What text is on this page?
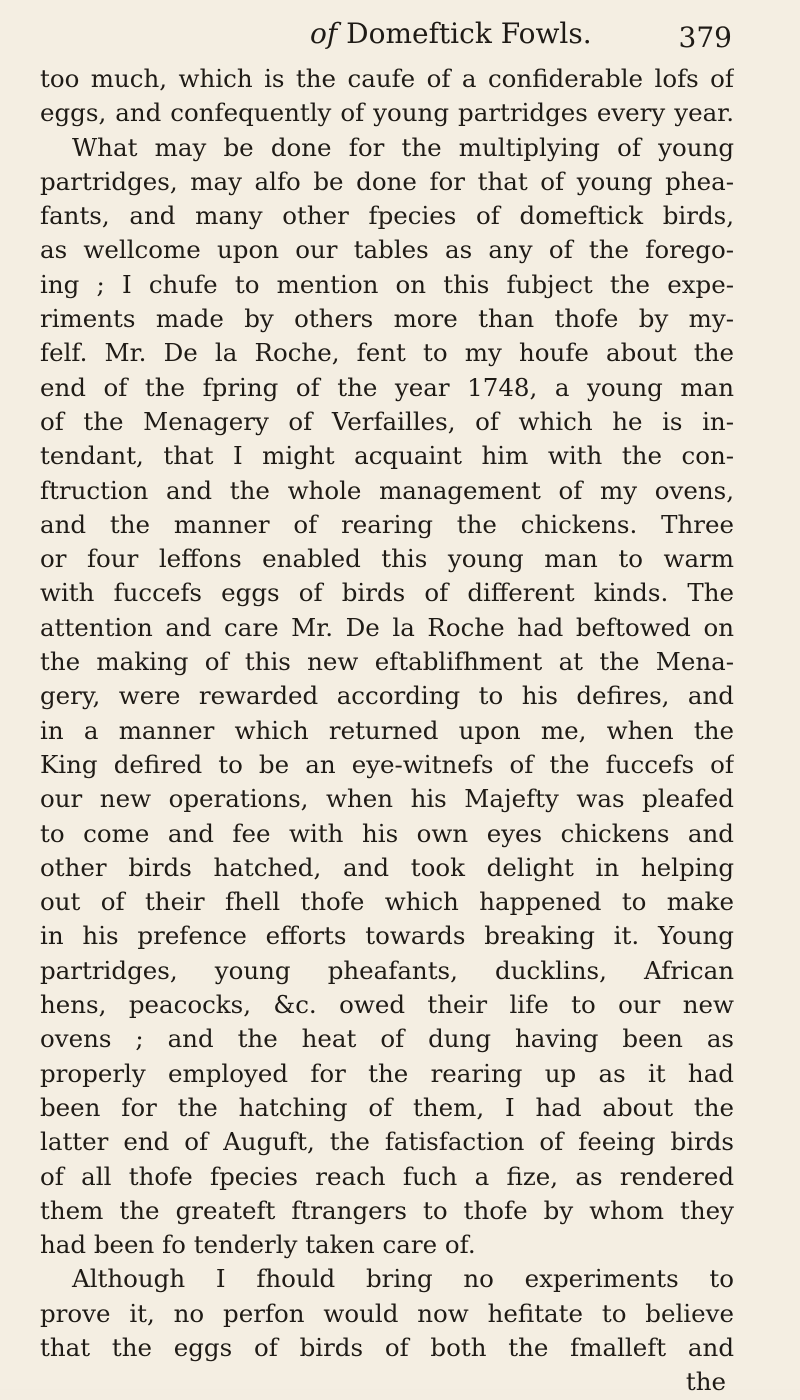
of Domeftick Fowls.	379
too much, which is the caufe of a confiderable lofs of
eggs, and confequently of young partridges every year.
What may be done for the multiplying of young
partridges, may alfo be done for that of young phea-
fants, and many other fpecies of domeftick birds,
as wellcome upon our tables as any of the forego-
ing ; I chufe to mention on this fubject the expe-
riments made by others more than thofe by my-
felf. Mr. De la Roche, fent to my houfe about the
end of the fpring of the year 1748, a young man
of the Menagery of Verfailles, of which he is in-
tendant, that I might acquaint him with the con-
ftruction and the whole management of my ovens,
and the manner of rearing the chickens. Three
or four leffons enabled this young man to warm
with fuccefs eggs of birds of different kinds. The
attention and care Mr. De la Roche had beftowed on
the making of this new eftablifhment at the Mena-
gery, were rewarded according to his defires, and
in a manner which returned upon me, when the
King defired to be an eye-witnefs of the fuccefs of
our new operations, when his Majefty was pleafed
to come and fee with his own eyes chickens and
other birds hatched, and took delight in helping
out of their fhell thofe which happened to make
in his prefence efforts towards breaking it. Young
partridges, young pheafants, ducklins, African
hens, peacocks, &c. owed their life to our new
ovens ; and the heat of dung having been as
properly employed for the rearing up as it had
been for the hatching of them, I had about the
latter end of Auguft, the fatisfaction of feeing birds
of all thofe fpecies reach fuch a fize, as rendered
them the greateft ftrangers to thofe by whom they
had been fo tenderly taken care of.
Although I fhould bring no experiments to
prove it, no perfon would now hefitate to believe
that the eggs of birds of both the fmalleft and
the
